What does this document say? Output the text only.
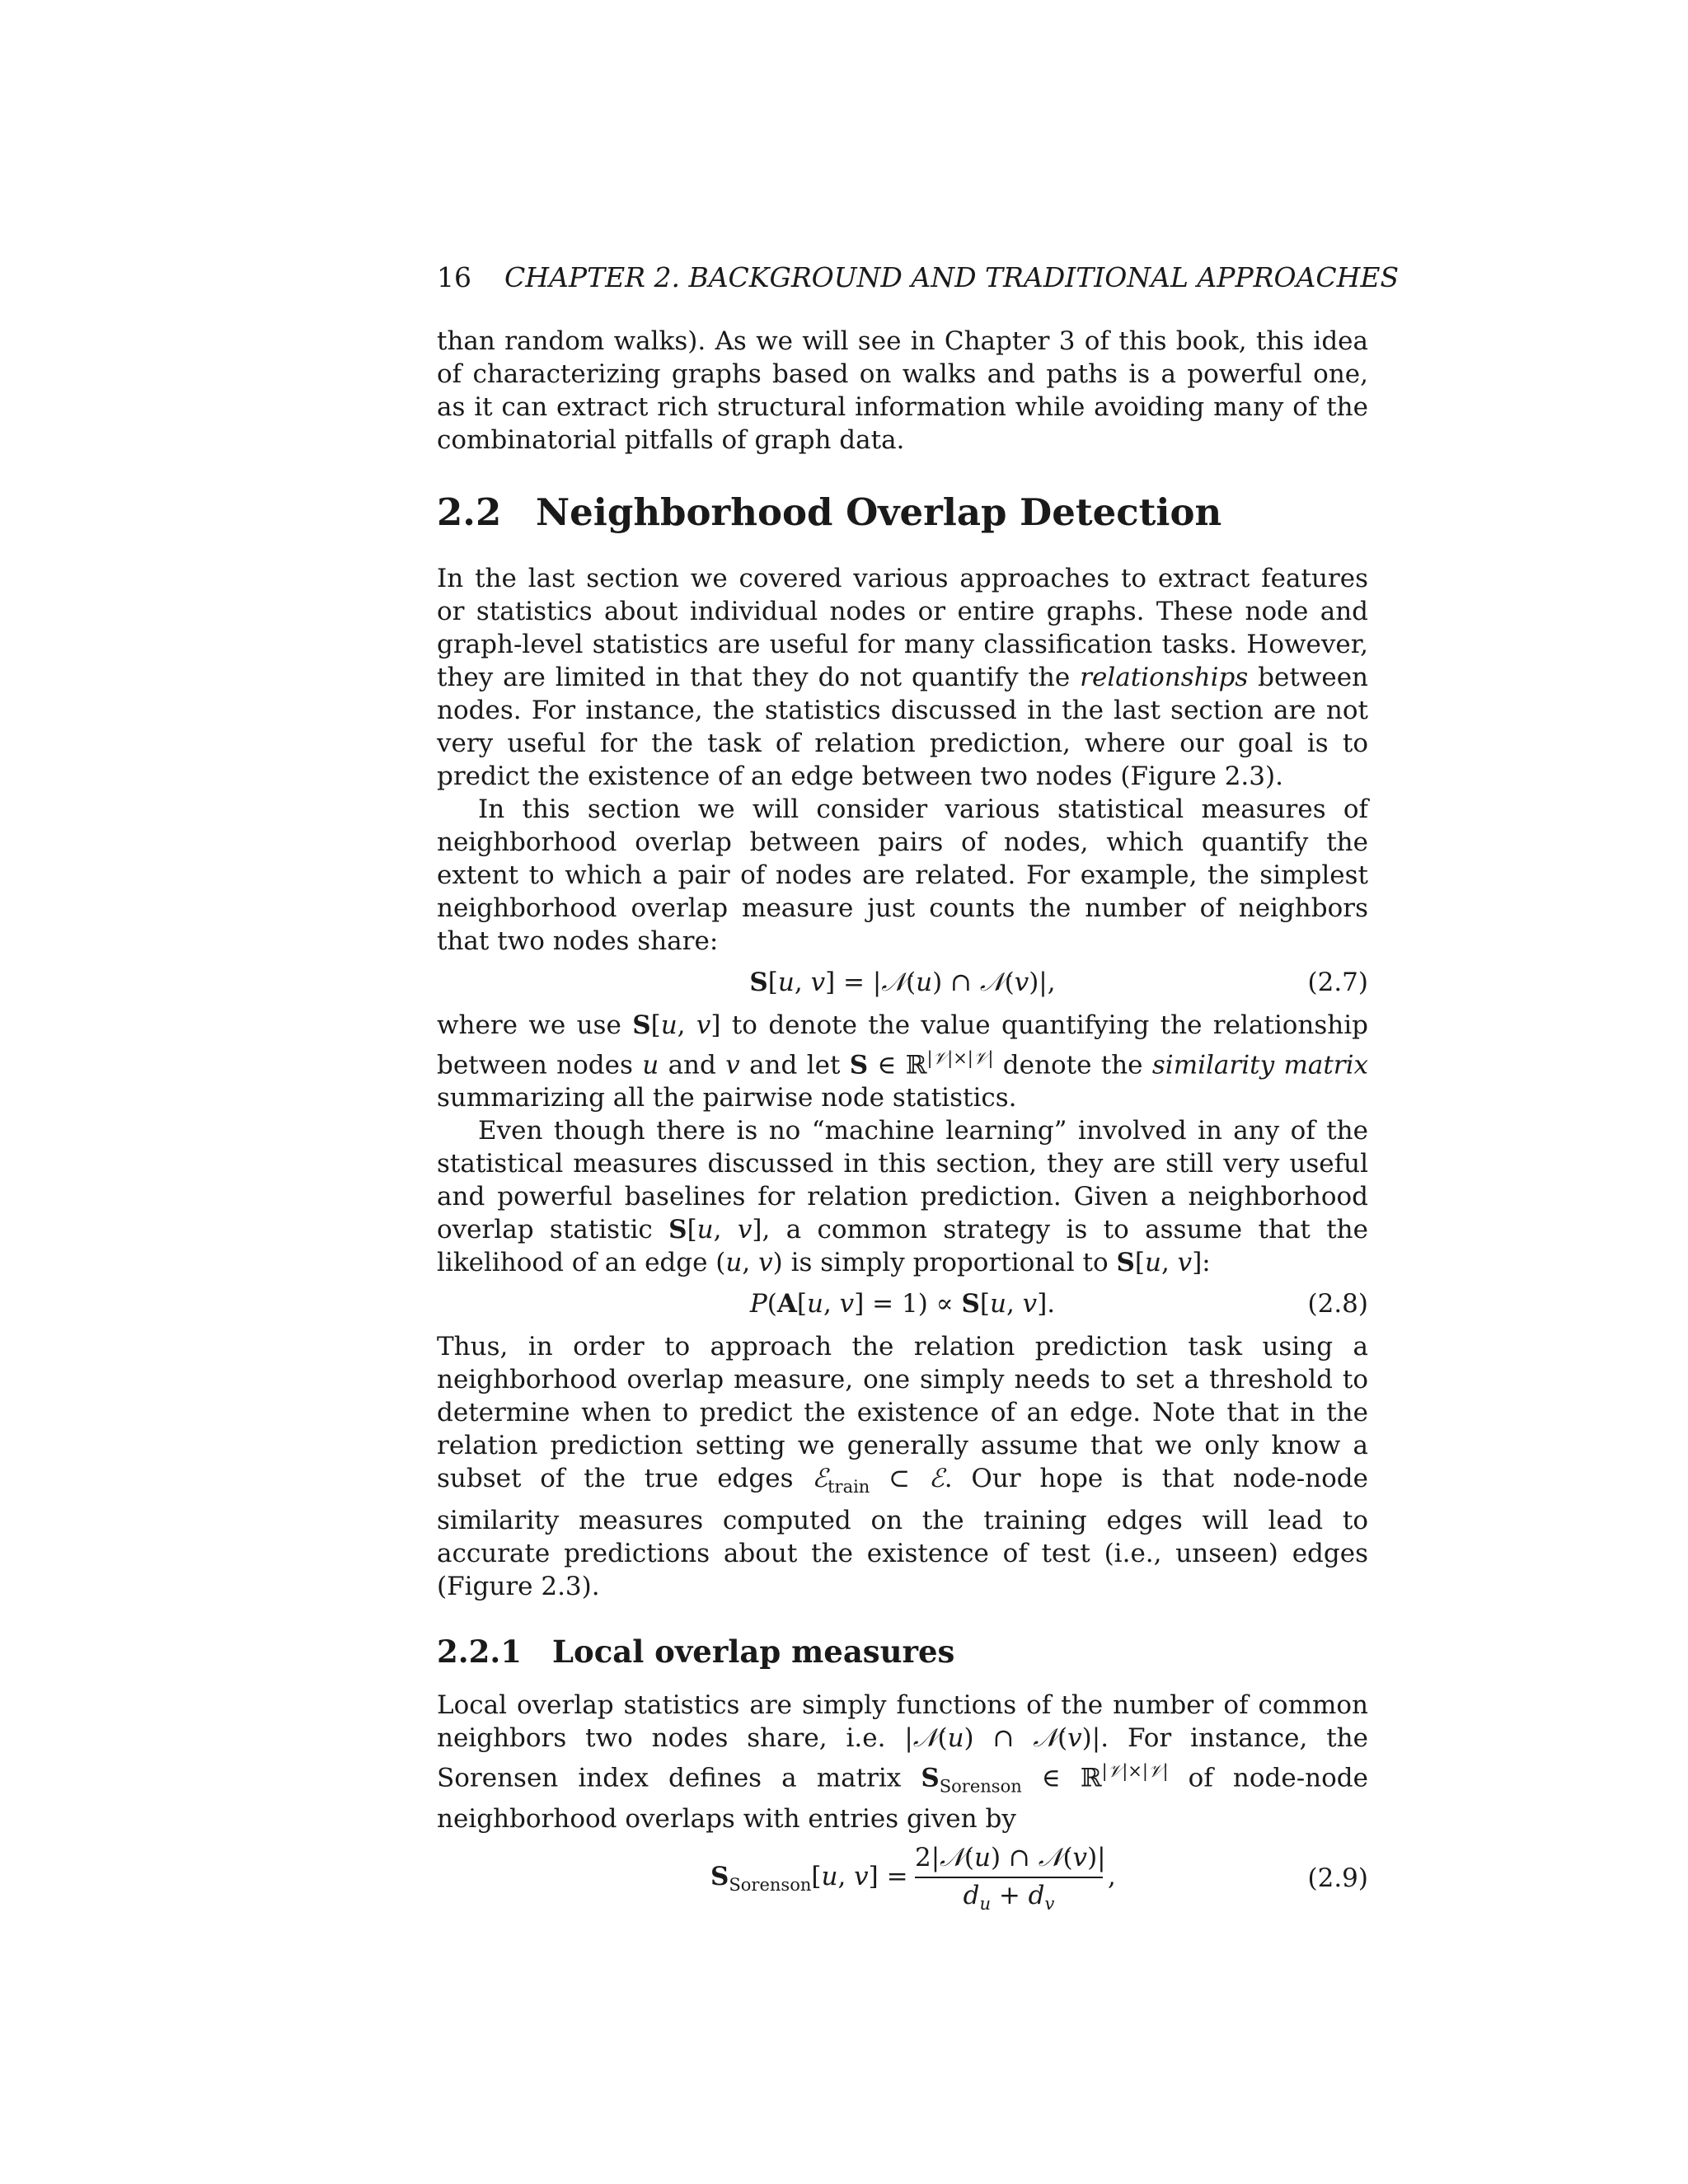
16 CHAPTER 2. BACKGROUND AND TRADITIONAL APPROACHES

than random walks). As we will see in Chapter 3 of this book, this idea of characterizing graphs based on walks and paths is a powerful one, as it can extract rich structural information while avoiding many of the combinatorial pitfalls of graph data.

2.2 Neighborhood Overlap Detection

In the last section we covered various approaches to extract features or statistics about individual nodes or entire graphs. These node and graph-level statistics are useful for many classification tasks. However, they are limited in that they do not quantify the relationships between nodes. For instance, the statistics discussed in the last section are not very useful for the task of relation prediction, where our goal is to predict the existence of an edge between two nodes (Figure 2.3).

In this section we will consider various statistical measures of neighborhood overlap between pairs of nodes, which quantify the extent to which a pair of nodes are related. For example, the simplest neighborhood overlap measure just counts the number of neighbors that two nodes share:

S[u, v] = |𝒩(u) ∩ 𝒩(v)|,	(2.7)

where we use S[u, v] to denote the value quantifying the relationship between nodes u and v and let S ∈ ℝ$^{|𝒱|\times|𝒱|}$ denote the similarity matrix summarizing all the pairwise node statistics.

Even though there is no “machine learning” involved in any of the statistical measures discussed in this section, they are still very useful and powerful baselines for relation prediction. Given a neighborhood overlap statistic S[u, v], a common strategy is to assume that the likelihood of an edge (u, v) is simply proportional to S[u, v]:

P(A[u, v] = 1) ∝ S[u, v].	(2.8)

Thus, in order to approach the relation prediction task using a neighborhood overlap measure, one simply needs to set a threshold to determine when to predict the existence of an edge. Note that in the relation prediction setting we generally assume that we only know a subset of the true edges ℰ$_{train}$ ⊂ ℰ. Our hope is that node-node similarity measures computed on the training edges will lead to accurate predictions about the existence of test (i.e., unseen) edges (Figure 2.3).

2.2.1 Local overlap measures

Local overlap statistics are simply functions of the number of common neighbors two nodes share, i.e. |𝒩(u) ∩ 𝒩(v)|. For instance, the Sorensen index defines a matrix $S_{Sorenson}$ ∈ ℝ$^{|𝒱|\times|𝒱|}$ of node-node neighborhood overlaps with entries given by

$S_{Sorenson}[u$, v] =
2|𝒩(u) ∩ 𝒩(v)|
$d_u + d_v$
,	(2.9)
